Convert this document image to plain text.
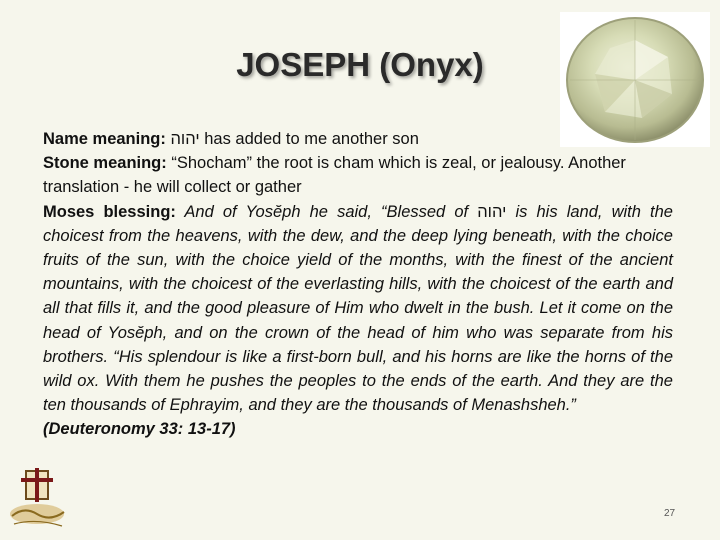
JOSEPH (Onyx)

Name meaning: יהוה has added to me another son

Stone meaning: “Shocham” the root is cham which is zeal, or jealousy. Another translation - he will collect or gather

Moses blessing: And of Yosĕph he said, “Blessed of יהוה is his land, with the choicest from the heavens, with the dew, and the deep lying beneath, with the choice fruits of the sun, with the choice yield of the months, with the finest of the ancient mountains, with the choicest of the everlasting hills, with the choicest of the earth and all that fills it, and the good pleasure of Him who dwelt in the bush. Let it come on the head of Yosĕph, and on the crown of the head of him who was separate from his brothers. “His splendour is like a first-born bull, and his horns are like the horns of the wild ox. With them he pushes the peoples to the ends of the earth. And they are the ten thousands of Ephrayim, and they are the thousands of Menashsheh.”

(Deuteronomy 33: 13-17)

27
